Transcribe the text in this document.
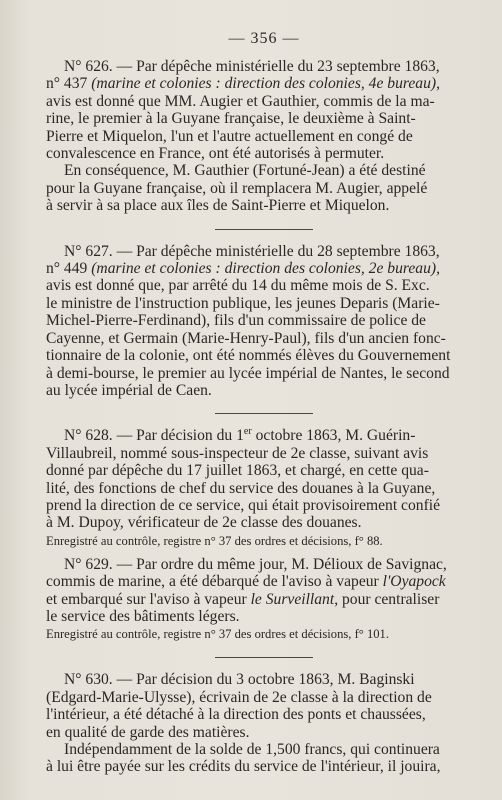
— 356 —

N° 626. — Par dépêche ministérielle du 23 septembre 1863,

n° 437 (marine et colonies : direction des colonies, 4e bureau),

avis est donné que MM. Augier et Gauthier, commis de la ma-

rine, le premier à la Guyane française, le deuxième à Saint-

Pierre et Miquelon, l'un et l'autre actuellement en congé de

convalescence en France, ont été autorisés à permuter.

En conséquence, M. Gauthier (Fortuné-Jean) a été destiné

pour la Guyane française, où il remplacera M. Augier, appelé

à servir à sa place aux îles de Saint-Pierre et Miquelon.

N° 627. — Par dépêche ministérielle du 28 septembre 1863,

n° 449 (marine et colonies : direction des colonies, 2e bureau),

avis est donné que, par arrêté du 14 du même mois de S. Exc.

le ministre de l'instruction publique, les jeunes Deparis (Marie-

Michel-Pierre-Ferdinand), fils d'un commissaire de police de

Cayenne, et Germain (Marie-Henry-Paul), fils d'un ancien fonc-

tionnaire de la colonie, ont été nommés élèves du Gouvernement

à demi-bourse, le premier au lycée impérial de Nantes, le second

au lycée impérial de Caen.

N° 628. — Par décision du 1er octobre 1863, M. Guérin-

Villaubreil, nommé sous-inspecteur de 2e classe, suivant avis

donné par dépêche du 17 juillet 1863, et chargé, en cette qua-

lité, des fonctions de chef du service des douanes à la Guyane,

prend la direction de ce service, qui était provisoirement confié

à M. Dupoy, vérificateur de 2e classe des douanes.

Enregistré au contrôle, registre n° 37 des ordres et décisions, f° 88.

N° 629. — Par ordre du même jour, M. Délioux de Savignac,

commis de marine, a été débarqué de l'aviso à vapeur l'Oyapock

et embarqué sur l'aviso à vapeur le Surveillant, pour centraliser

le service des bâtiments légers.

Enregistré au contrôle, registre n° 37 des ordres et décisions, f° 101.

N° 630. — Par décision du 3 octobre 1863, M. Baginski

(Edgard-Marie-Ulysse), écrivain de 2e classe à la direction de

l'intérieur, a été détaché à la direction des ponts et chaussées,

en qualité de garde des matières.

Indépendamment de la solde de 1,500 francs, qui continuera

à lui être payée sur les crédits du service de l'intérieur, il jouira,
